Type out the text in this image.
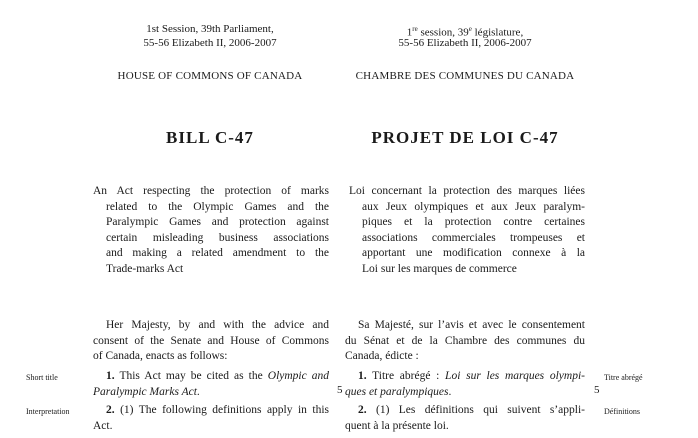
1st Session, 39th Parliament,
55-56 Elizabeth II, 2006-2007
HOUSE OF COMMONS OF CANADA
BILL C-47
1re session, 39e législature,
55-56 Elizabeth II, 2006-2007
CHAMBRE DES COMMUNES DU CANADA
PROJET DE LOI C-47
An Act respecting the protection of marks
related to the Olympic Games and the
Paralympic Games and protection against
certain misleading business associations
and making a related amendment to the
Trade-marks Act
Loi concernant la protection des marques liées
aux Jeux olympiques et aux Jeux paralym-
piques et la protection contre certaines
associations commerciales trompeuses et
apportant une modification connexe à la
Loi sur les marques de commerce
Her Majesty, by and with the advice and
consent of the Senate and House of Commons
of Canada, enacts as follows:
Sa Majesté, sur l’avis et avec le consentement
du Sénat et de la Chambre des communes du
Canada, édicte :
Short title
Interpretation
Titre abrégé
Définitions
5	5
1. This Act may be cited as the Olympic and
Paralympic Marks Act.
1. Titre abrégé : Loi sur les marques olympi-
ques et paralympiques.
2. (1) The following definitions apply in this
Act.
2. (1) Les définitions qui suivent s’appli-
quent à la présente loi.
